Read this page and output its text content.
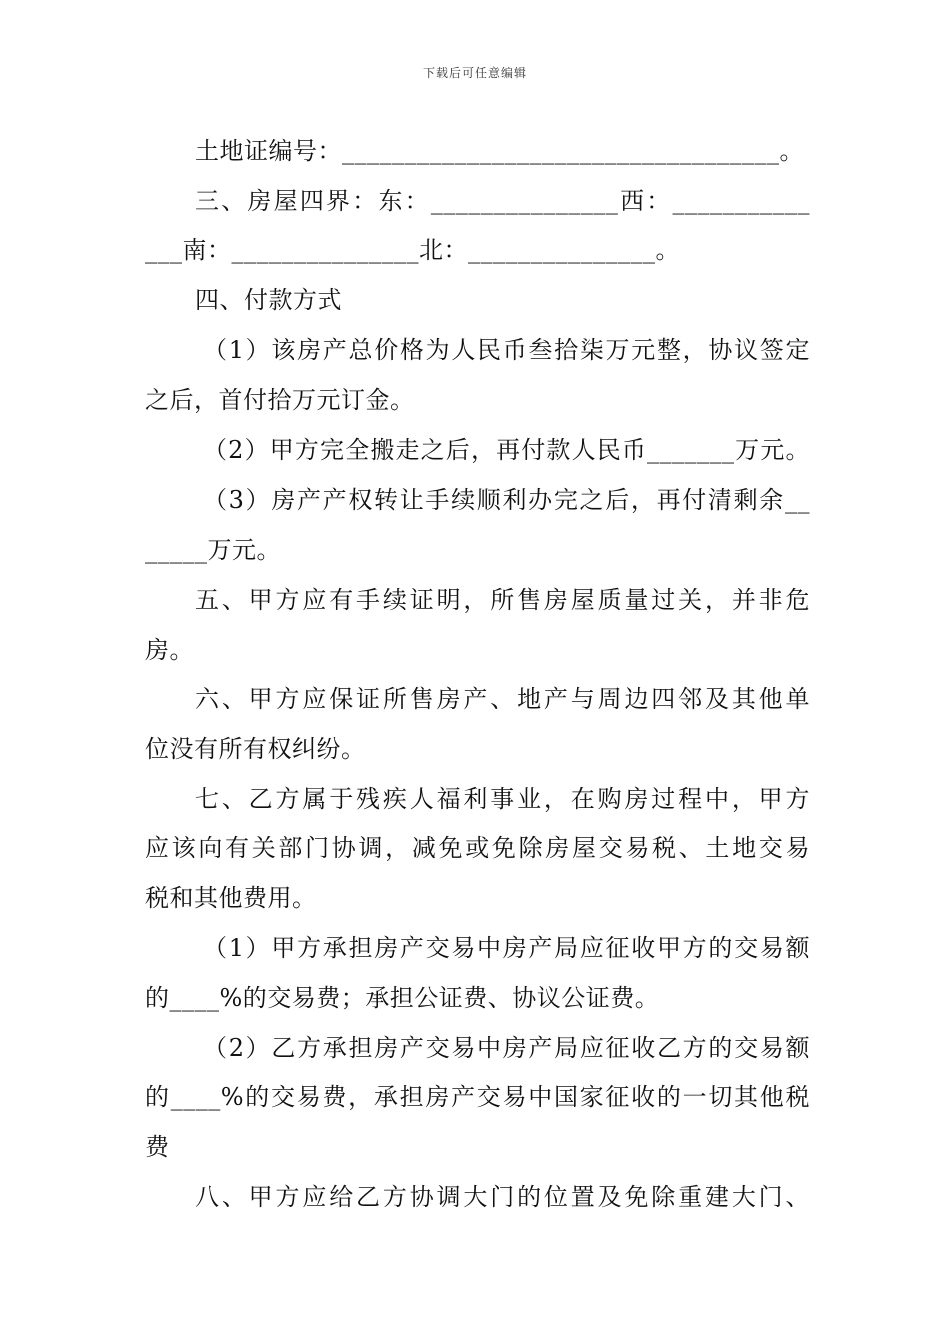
下载后可任意编辑
土地证编号：___________________________________。
三、房屋四界：东：_______________西：___________
___南：_______________北：_______________。
四、付款方式
（1）该房产总价格为人民币叁拾柒万元整，协议签定
之后，首付拾万元订金。
（2）甲方完全搬走之后，再付款人民币_______万元。
（3）房产产权转让手续顺利办完之后，再付清剩余__
_____万元。
五、甲方应有手续证明，所售房屋质量过关，并非危
房。
六、甲方应保证所售房产、地产与周边四邻及其他单
位没有所有权纠纷。
七、乙方属于残疾人福利事业，在购房过程中，甲方
应该向有关部门协调，减免或免除房屋交易税、土地交易
税和其他费用。
（1）甲方承担房产交易中房产局应征收甲方的交易额
的____%的交易费；承担公证费、协议公证费。
（2）乙方承担房产交易中房产局应征收乙方的交易额
的____%的交易费，承担房产交易中国家征收的一切其他税
费
八、甲方应给乙方协调大门的位置及免除重建大门、
